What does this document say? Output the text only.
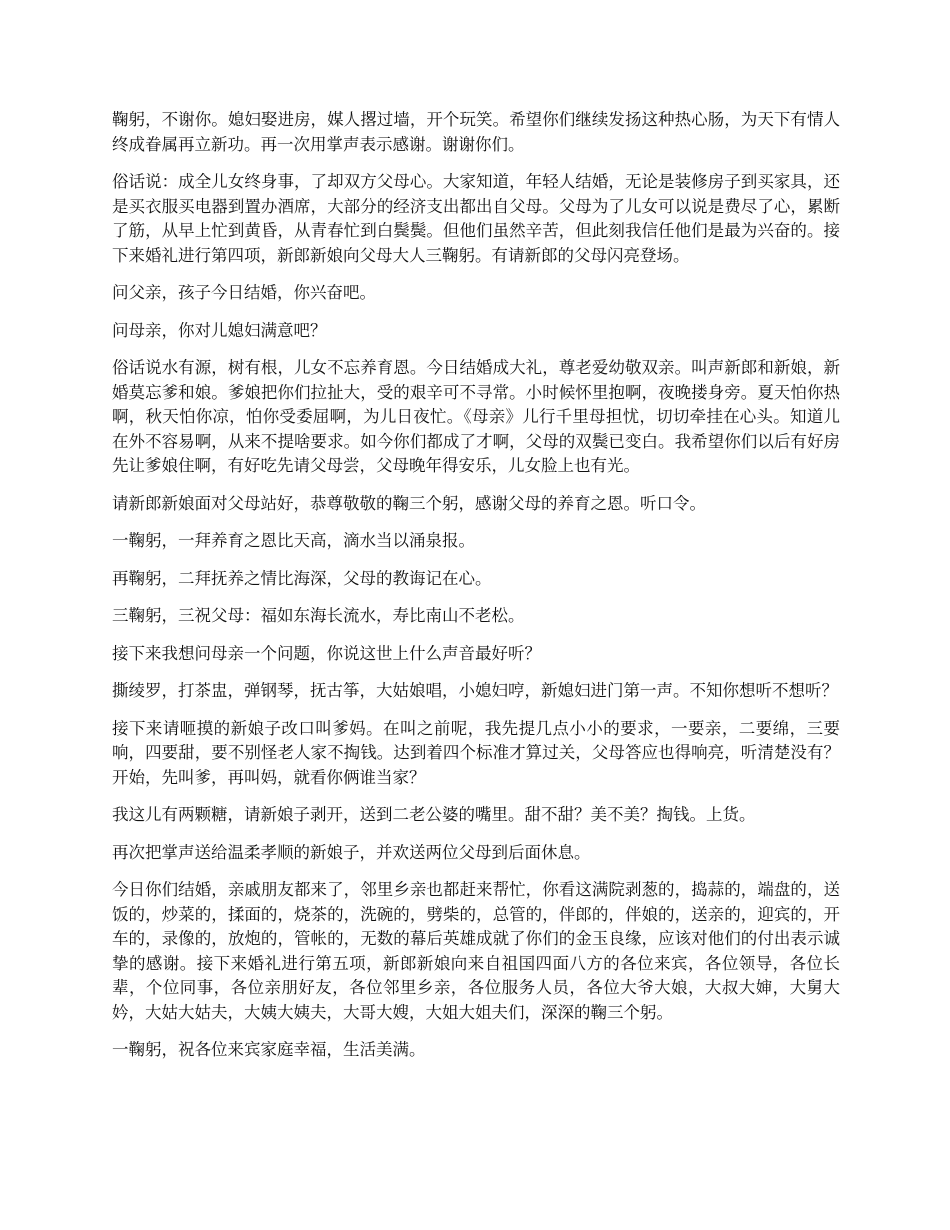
鞠躬，不谢你。媳妇娶进房，媒人撂过墙，开个玩笑。希望你们继续发扬这种热心肠，为天下有情人终成眷属再立新功。再一次用掌声表示感谢。谢谢你们。

俗话说：成全儿女终身事，了却双方父母心。大家知道，年轻人结婚，无论是装修房子到买家具，还是买衣服买电器到置办酒席，大部分的经济支出都出自父母。父母为了儿女可以说是费尽了心，累断了筋，从早上忙到黄昏，从青春忙到白鬓鬓。但他们虽然辛苦，但此刻我信任他们是最为兴奋的。接下来婚礼进行第四项，新郎新娘向父母大人三鞠躬。有请新郎的父母闪亮登场。

问父亲，孩子今日结婚，你兴奋吧。

问母亲，你对儿媳妇满意吧？

俗话说水有源，树有根，儿女不忘养育恩。今日结婚成大礼，尊老爱幼敬双亲。叫声新郎和新娘，新婚莫忘爹和娘。爹娘把你们拉扯大，受的艰辛可不寻常。小时候怀里抱啊，夜晚搂身旁。夏天怕你热啊，秋天怕你凉，怕你受委屈啊，为儿日夜忙。《母亲》儿行千里母担忧，切切牵挂在心头。知道儿在外不容易啊，从来不提啥要求。如今你们都成了才啊，父母的双鬓已变白。我希望你们以后有好房先让爹娘住啊，有好吃先请父母尝，父母晚年得安乐，儿女脸上也有光。

请新郎新娘面对父母站好，恭尊敬敬的鞠三个躬，感谢父母的养育之恩。听口令。

一鞠躬，一拜养育之恩比天高，滴水当以涌泉报。

再鞠躬，二拜抚养之情比海深，父母的教诲记在心。

三鞠躬，三祝父母：福如东海长流水，寿比南山不老松。

接下来我想问母亲一个问题，你说这世上什么声音最好听？

撕绫罗，打茶盅，弹钢琴，抚古筝，大姑娘唱，小媳妇哼，新媳妇进门第一声。不知你想听不想听？

接下来请咂摸的新娘子改口叫爹妈。在叫之前呢，我先提几点小小的要求，一要亲，二要绵，三要响，四要甜，要不别怪老人家不掏钱。达到着四个标准才算过关，父母答应也得响亮，听清楚没有？开始，先叫爹，再叫妈，就看你俩谁当家？

我这儿有两颗糖，请新娘子剥开，送到二老公婆的嘴里。甜不甜？美不美？掏钱。上货。

再次把掌声送给温柔孝顺的新娘子，并欢送两位父母到后面休息。

今日你们结婚，亲戚朋友都来了，邻里乡亲也都赶来帮忙，你看这满院剥葱的，捣蒜的，端盘的，送饭的，炒菜的，揉面的，烧茶的，洗碗的，劈柴的，总管的，伴郎的，伴娘的，送亲的，迎宾的，开车的，录像的，放炮的，管帐的，无数的幕后英雄成就了你们的金玉良缘，应该对他们的付出表示诚挚的感谢。接下来婚礼进行第五项，新郎新娘向来自祖国四面八方的各位来宾，各位领导，各位长辈，个位同事，各位亲朋好友，各位邻里乡亲，各位服务人员，各位大爷大娘，大叔大婶，大舅大妗，大姑大姑夫，大姨大姨夫，大哥大嫂，大姐大姐夫们，深深的鞠三个躬。

一鞠躬，祝各位来宾家庭幸福，生活美满。
